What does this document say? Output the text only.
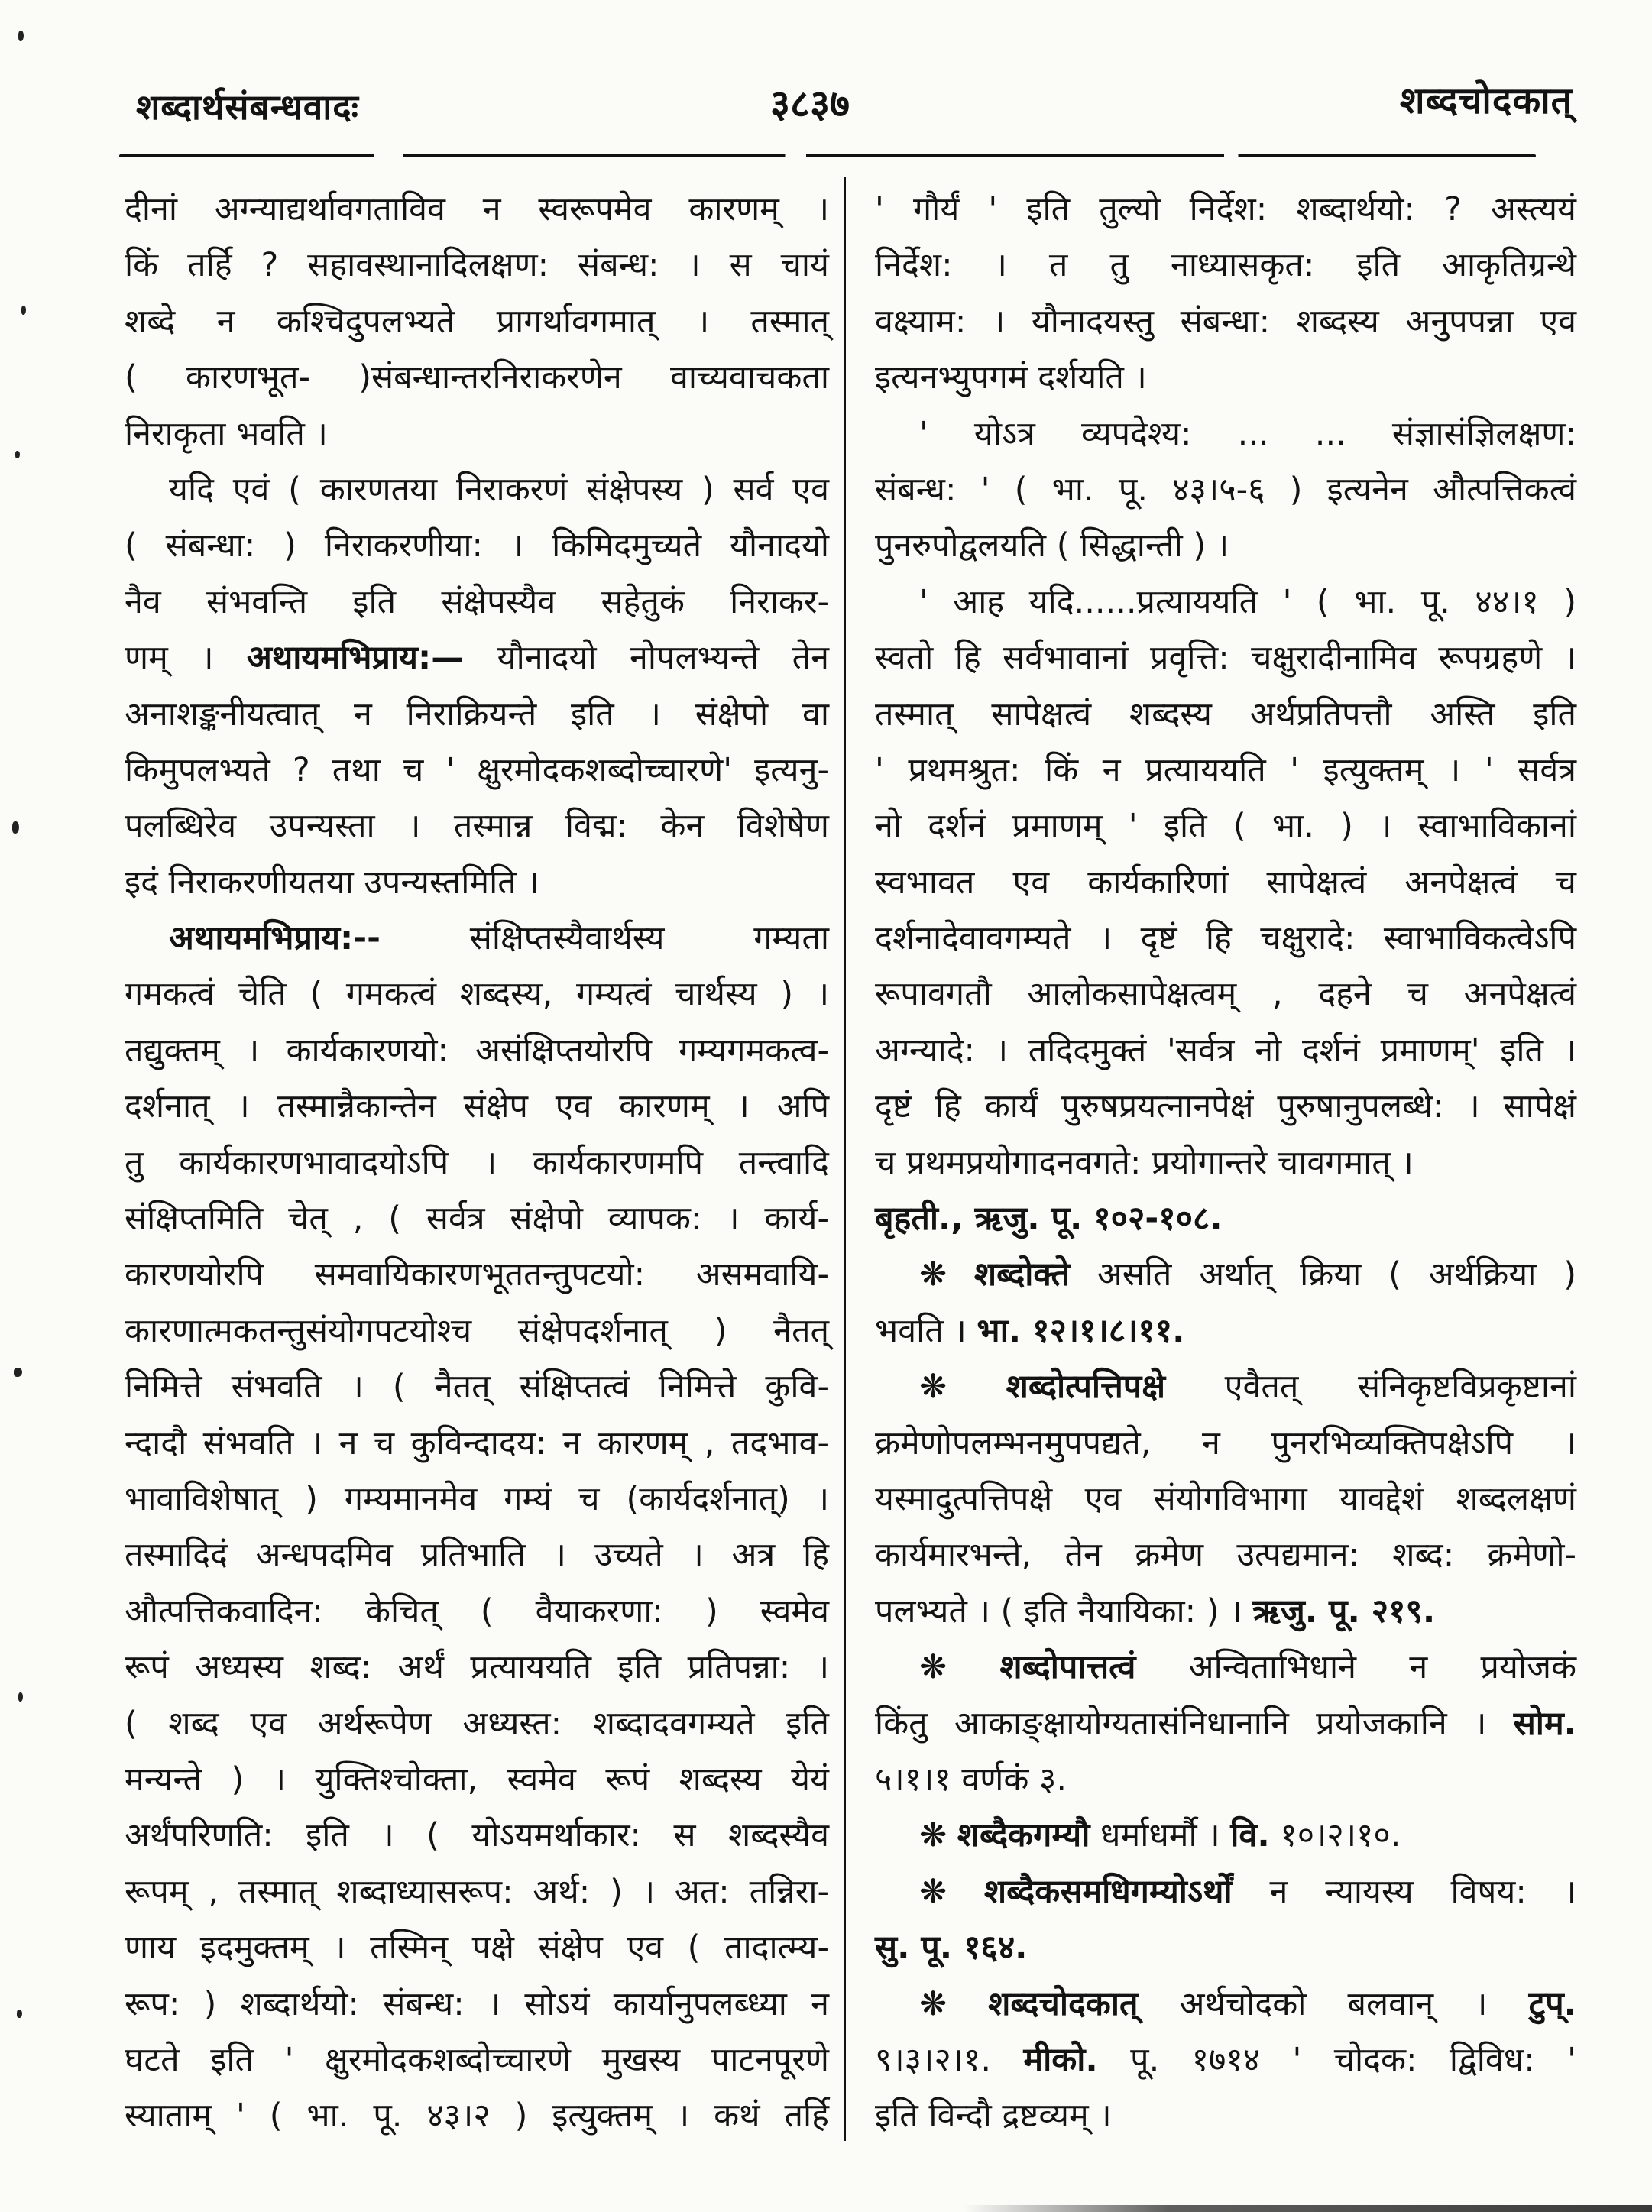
शब्दार्थसंबन्धवादः	३८३७	शब्दचोदकात्
दीनां अग्न्याद्यर्थावगताविव न स्वरूपमेव कारणम् ।
किं तर्हि ? सहावस्थानादिलक्षण: संबन्ध: । स चायं
शब्दे न कश्चिदुपलभ्यते प्रागर्थावगमात् । तस्मात्
( कारणभूत- )संबन्धान्तरनिराकरणेन वाच्यवाचकता
निराकृता भवति ।
यदि एवं ( कारणतया निराकरणं संक्षेपस्य ) सर्व एव
( संबन्धा: ) निराकरणीया: । किमिदमुच्यते यौनादयो
नैव संभवन्ति इति संक्षेपस्यैव सहेतुकं निराकर-
णम् । अथायमभिप्राय:— यौनादयो नोपलभ्यन्ते तेन
अनाशङ्कनीयत्वात् न निराक्रियन्ते इति । संक्षेपो वा
किमुपलभ्यते ? तथा च ' क्षुरमोदकशब्दोच्चारणे' इत्यनु-
पलब्धिरेव उपन्यस्ता । तस्मान्न विद्म: केन विशेषेण
इदं निराकरणीयतया उपन्यस्तमिति ।
अथायमभिप्राय:-- संक्षिप्तस्यैवार्थस्य गम्यता
गमकत्वं चेति ( गमकत्वं शब्दस्य, गम्यत्वं चार्थस्य ) ।
तद्युक्तम् । कार्यकारणयो: असंक्षिप्तयोरपि गम्यगमकत्व-
दर्शनात् । तस्मान्नैकान्तेन संक्षेप एव कारणम् । अपि
तु कार्यकारणभावादयोऽपि । कार्यकारणमपि तन्त्वादि
संक्षिप्तमिति चेत् , ( सर्वत्र संक्षेपो व्यापक: । कार्य-
कारणयोरपि समवायिकारणभूततन्तुपटयो: असमवायि-
कारणात्मकतन्तुसंयोगपटयोश्च संक्षेपदर्शनात् ) नैतत्
निमित्ते संभवति । ( नैतत् संक्षिप्तत्वं निमित्ते कुवि-
न्दादौ संभवति । न च कुविन्दादय: न कारणम् , तदभाव-
भावाविशेषात् ) गम्यमानमेव गम्यं च (कार्यदर्शनात्) ।
तस्मादिदं अन्धपदमिव प्रतिभाति । उच्यते । अत्र हि
औत्पत्तिकवादिन: केचित् ( वैयाकरणा: ) स्वमेव
रूपं अध्यस्य शब्द: अर्थं प्रत्याययति इति प्रतिपन्ना: ।
( शब्द एव अर्थरूपेण अध्यस्त: शब्दादवगम्यते इति
मन्यन्ते ) । युक्तिश्चोक्ता, स्वमेव रूपं शब्दस्य येयं
अर्थंपरिणति: इति । ( योऽयमर्थाकार: स शब्दस्यैव
रूपम् , तस्मात् शब्दाध्यासरूप: अर्थ: ) । अत: तन्निरा-
णाय इदमुक्तम् । तस्मिन् पक्षे संक्षेप एव ( तादात्म्य-
रूप: ) शब्दार्थयो: संबन्ध: । सोऽयं कार्यानुपलब्ध्या न
घटते इति ' क्षुरमोदकशब्दोच्चारणे मुखस्य पाटनपूरणे
स्याताम् ' ( भा. पू. ४३।२ ) इत्युक्तम् । कथं तर्हि
' गौर्यं ' इति तुल्यो निर्देश: शब्दार्थयो: ? अस्त्ययं
निर्देश: । त तु नाध्यासकृत: इति आकृतिग्रन्थे
वक्ष्याम: । यौनादयस्तु संबन्धा: शब्दस्य अनुपपन्ना एव
इत्यनभ्युपगमं दर्शयति ।
' योऽत्र व्यपदेश्य: ... ... संज्ञासंज्ञिलक्षण:
संबन्ध: ' ( भा. पू. ४३।५-६ ) इत्यनेन औत्पत्तिकत्वं
पुनरुपोद्वलयति ( सिद्धान्ती ) ।
' आह यदि......प्रत्याययति ' ( भा. पू. ४४।१ )
स्वतो हि सर्वभावानां प्रवृत्ति: चक्षुरादीनामिव रूपग्रहणे ।
तस्मात् सापेक्षत्वं शब्दस्य अर्थप्रतिपत्तौ अस्ति इति
' प्रथमश्रुत: किं न प्रत्याययति ' इत्युक्तम् । ' सर्वत्र
नो दर्शनं प्रमाणम् ' इति ( भा. ) । स्वाभाविकानां
स्वभावत एव कार्यकारिणां सापेक्षत्वं अनपेक्षत्वं च
दर्शनादेवावगम्यते । दृष्टं हि चक्षुरादे: स्वाभाविकत्वेऽपि
रूपावगतौ आलोकसापेक्षत्वम् , दहने च अनपेक्षत्वं
अग्न्यादे: । तदिदमुक्तं 'सर्वत्र नो दर्शनं प्रमाणम्' इति ।
दृष्टं हि कार्यं पुरुषप्रयत्नानपेक्षं पुरुषानुपलब्धे: । सापेक्षं
च प्रथमप्रयोगादनवगते: प्रयोगान्तरे चावगमात् ।
बृहती., ऋजु. पू. १०२-१०८.
❋ शब्दोक्ते असति अर्थात् क्रिया ( अर्थक्रिया )
भवति । भा. १२।१।८।११.
❋ शब्दोत्पत्तिपक्षे एवैतत् संनिकृष्टविप्रकृष्टानां
क्रमेणोपलम्भनमुपपद्यते, न पुनरभिव्यक्तिपक्षेऽपि ।
यस्मादुत्पत्तिपक्षे एव संयोगविभागा यावद्देशं शब्दलक्षणं
कार्यमारभन्ते, तेन क्रमेण उत्पद्यमान: शब्द: क्रमेणो-
पलभ्यते । ( इति नैयायिका: ) । ऋजु. पू. २१९.
❋ शब्दोपात्तत्वं अन्विताभिधाने न प्रयोजकं
किंतु आकाङ्क्षायोग्यतासंनिधानानि प्रयोजकानि । सोम.
५।१।१ वर्णकं ३.
❋ शब्दैकगम्यौ धर्माधर्मौ । वि. १०।२।१०.
❋ शब्दैकसमधिगम्योऽर्थों न न्यायस्य विषय: ।
सु. पू. १६४.
❋ शब्दचोदकात् अर्थचोदको बलवान् । टुप्.
९।३।२।१. मीको. पू. १७१४ ' चोदक: द्विविध: '
इति विन्दौ द्रष्टव्यम् ।
